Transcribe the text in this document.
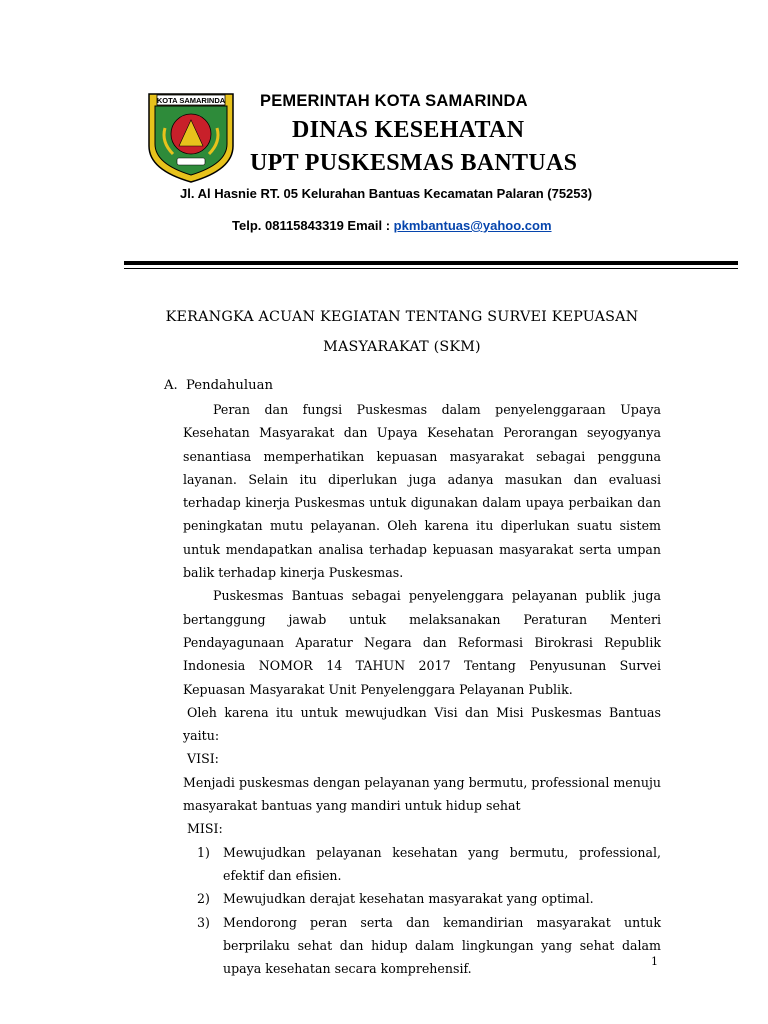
KOTA SAMARINDA PEMERINTAH KOTA SAMARINDA
DINAS KESEHATAN
UPT PUSKESMAS BANTUAS
Jl. Al Hasnie RT. 05 Kelurahan Bantuas Kecamatan Palaran (75253)
Telp. 08115843319 Email : pkmbantuas@yahoo.com
KERANGKA ACUAN KEGIATAN TENTANG SURVEI KEPUASAN
MASYARAKAT (SKM)
A. Pendahuluan

Peran dan fungsi Puskesmas dalam penyelenggaraan Upaya Kesehatan Masyarakat dan Upaya Kesehatan Perorangan seyogyanya senantiasa memperhatikan kepuasan masyarakat sebagai pengguna layanan. Selain itu diperlukan juga adanya masukan dan evaluasi terhadap kinerja Puskesmas untuk digunakan dalam upaya perbaikan dan peningkatan mutu pelayanan. Oleh karena itu diperlukan suatu sistem untuk mendapatkan analisa terhadap kepuasan masyarakat serta umpan balik terhadap kinerja Puskesmas.

Puskesmas Bantuas sebagai penyelenggara pelayanan publik juga bertanggung jawab untuk melaksanakan Peraturan Menteri Pendayagunaan Aparatur Negara dan Reformasi Birokrasi Republik Indonesia NOMOR 14 TAHUN 2017 Tentang Penyusunan Survei Kepuasan Masyarakat Unit Penyelenggara Pelayanan Publik.

Oleh karena itu untuk mewujudkan Visi dan Misi Puskesmas Bantuas yaitu:

VISI:

Menjadi puskesmas dengan pelayanan yang bermutu, professional menuju masyarakat bantuas yang mandiri untuk hidup sehat

MISI:

1) Mewujudkan pelayanan kesehatan yang bermutu, professional, efektif dan efisien.
2) Mewujudkan derajat kesehatan masyarakat yang optimal.
3) Mendorong peran serta dan kemandirian masyarakat untuk berprilaku sehat dan hidup dalam lingkungan yang sehat dalam upaya kesehatan secara komprehensif.	1
